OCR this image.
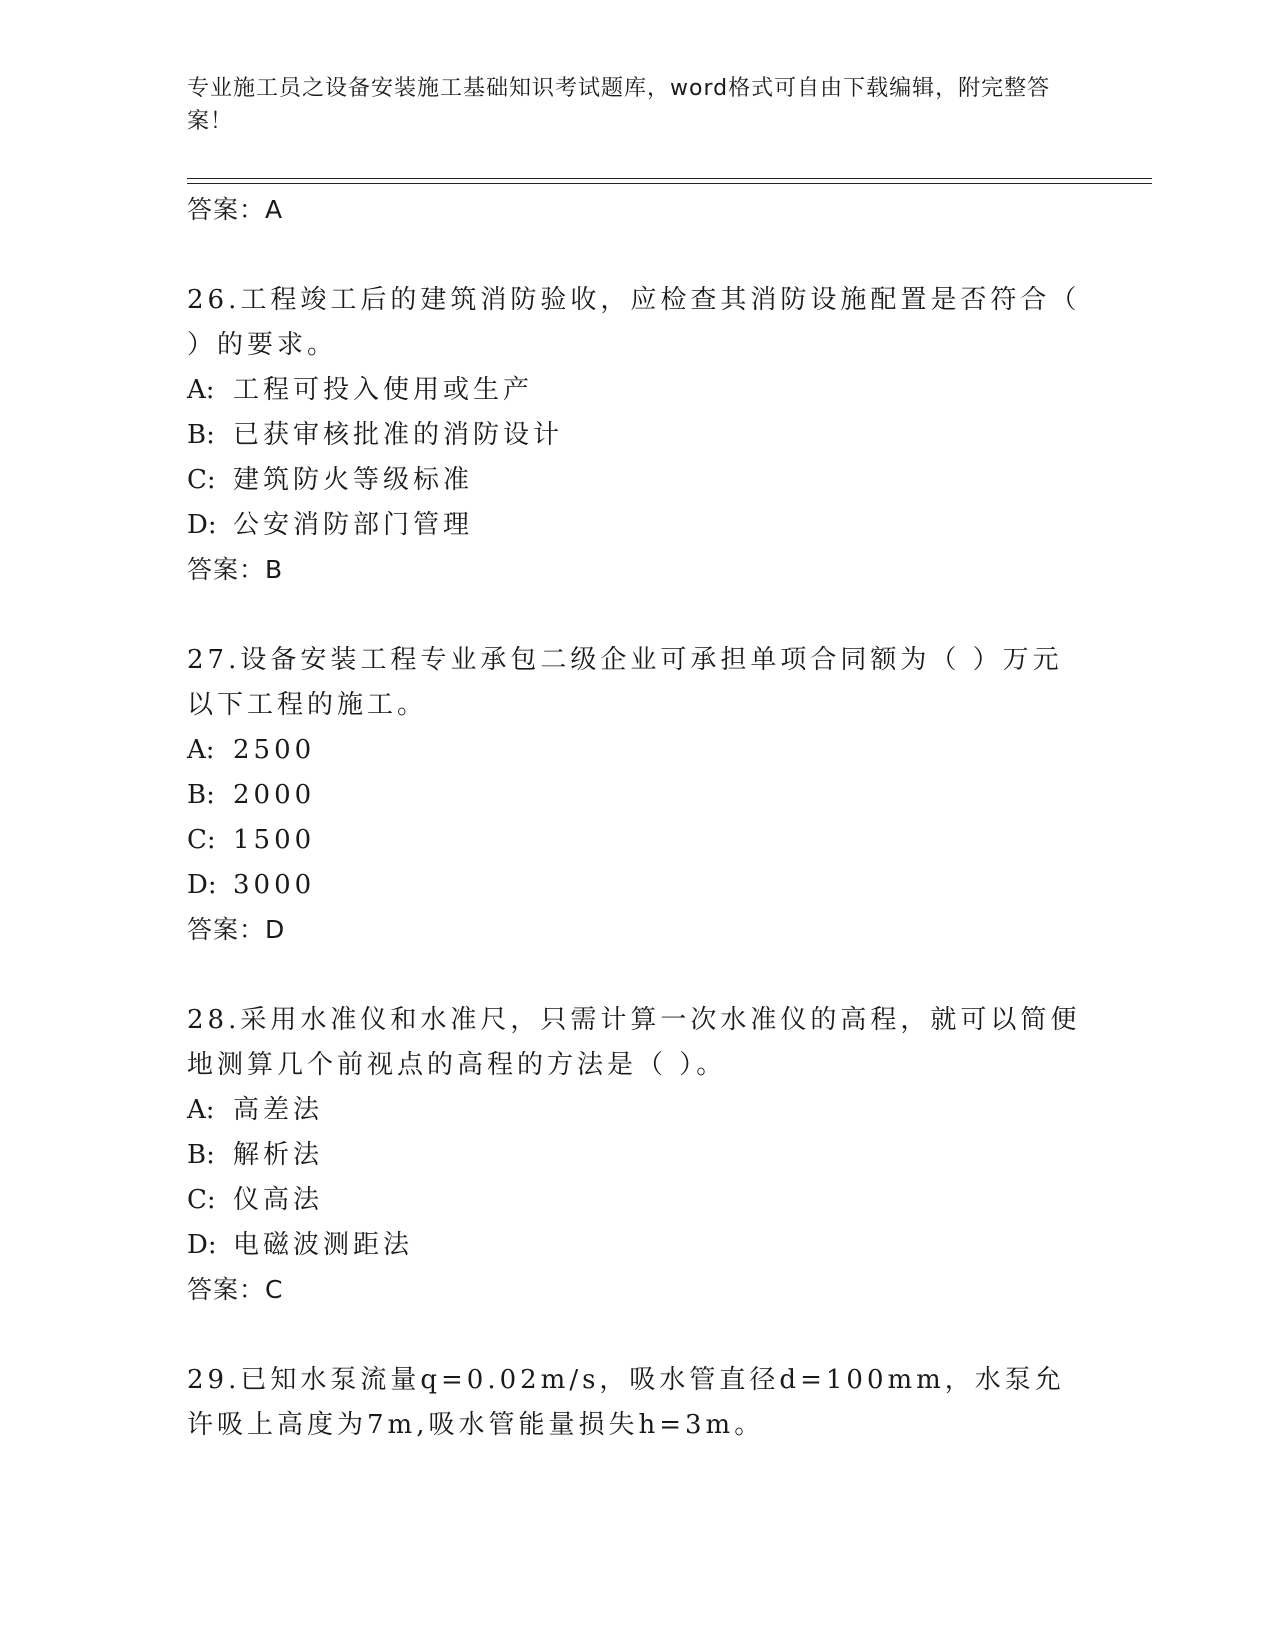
专业施工员之设备安装施工基础知识考试题库，word格式可自由下载编辑，附完整答案！
答案：A
26.工程竣工后的建筑消防验收，应检查其消防设施配置是否符合（ ）的要求。
A: 工程可投入使用或生产
B: 已获审核批准的消防设计
C: 建筑防火等级标准
D: 公安消防部门管理
答案：B
27.设备安装工程专业承包二级企业可承担单项合同额为（ ）万元以下工程的施工。
A: 2500
B: 2000
C: 1500
D: 3000
答案：D
28.采用水准仪和水准尺，只需计算一次水准仪的高程，就可以简便地测算几个前视点的高程的方法是（ ）。
A: 高差法
B: 解析法
C: 仪高法
D: 电磁波测距法
答案：C
29.已知水泵流量q=0.02m/s，吸水管直径d=100mm，水泵允许吸上高度为7m,吸水管能量损失h=3m。
